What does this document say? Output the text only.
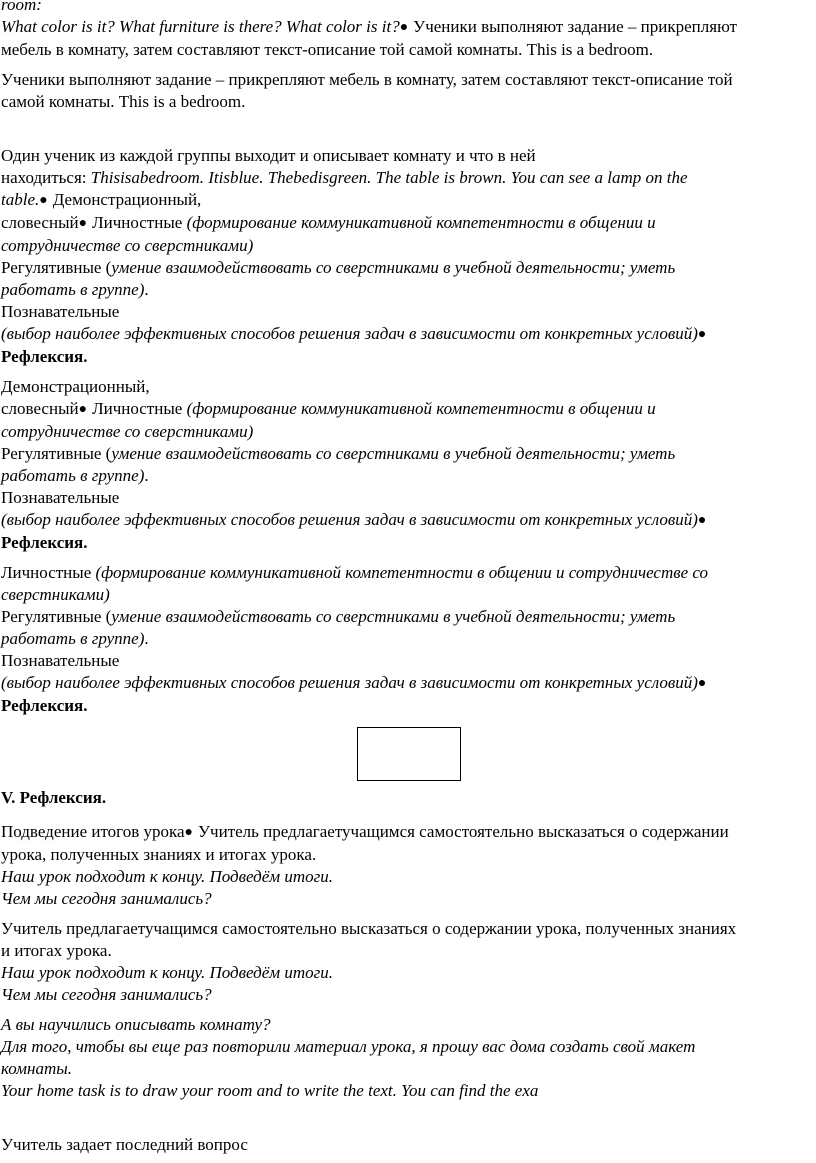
room:
What color is it? What furniture is there? What color is it?● Ученики выполняют задание – прикрепляют
мебель в комнату, затем составляют текст-описание той самой комнаты. This is a bedroom.
Ученики выполняют задание – прикрепляют мебель в комнату, затем составляют текст-описание той
самой комнаты. This is a bedroom.
Один ученик из каждой группы выходит и описывает комнату и что в ней
находиться: Thisisabedroom. Itisblue. Thebedisgreen. The table is brown. You can see a lamp on the
table.● Демонстрационный,
словесный● Личностные (формирование коммуникативной компетентности в общении и
сотрудничестве со сверстниками)
Регулятивные (умение взаимодействовать со сверстниками в учебной деятельности; уметь
работать в группе).
Познавательные
(выбор наиболее эффективных способов решения задач в зависимости от конкретных условий)●
Рефлексия.
Демонстрационный,
словесный● Личностные (формирование коммуникативной компетентности в общении и
сотрудничестве со сверстниками)
Регулятивные (умение взаимодействовать со сверстниками в учебной деятельности; уметь
работать в группе).
Познавательные
(выбор наиболее эффективных способов решения задач в зависимости от конкретных условий)●
Рефлексия.
Личностные (формирование коммуникативной компетентности в общении и сотрудничестве со
сверстниками)
Регулятивные (умение взаимодействовать со сверстниками в учебной деятельности; уметь
работать в группе).
Познавательные
(выбор наиболее эффективных способов решения задач в зависимости от конкретных условий)●
Рефлексия.
V. Рефлексия.
Подведение итогов урока● Учитель предлагаетучащимся самостоятельно высказаться о содержании
урока, полученных знаниях и итогах урока.
Наш урок подходит к концу. Подведём итоги.
Чем мы сегодня занимались?
Учитель предлагаетучащимся самостоятельно высказаться о содержании урока, полученных знаниях
и итогах урока.
Наш урок подходит к концу. Подведём итоги.
Чем мы сегодня занимались?
А вы научились описывать комнату?
Для того, чтобы вы еще раз повторили материал урока, я прошу вас дома создать свой макет
комнаты.
Your home task is to draw your room and to write the text. You can find the exa
Учитель задает последний вопрос
